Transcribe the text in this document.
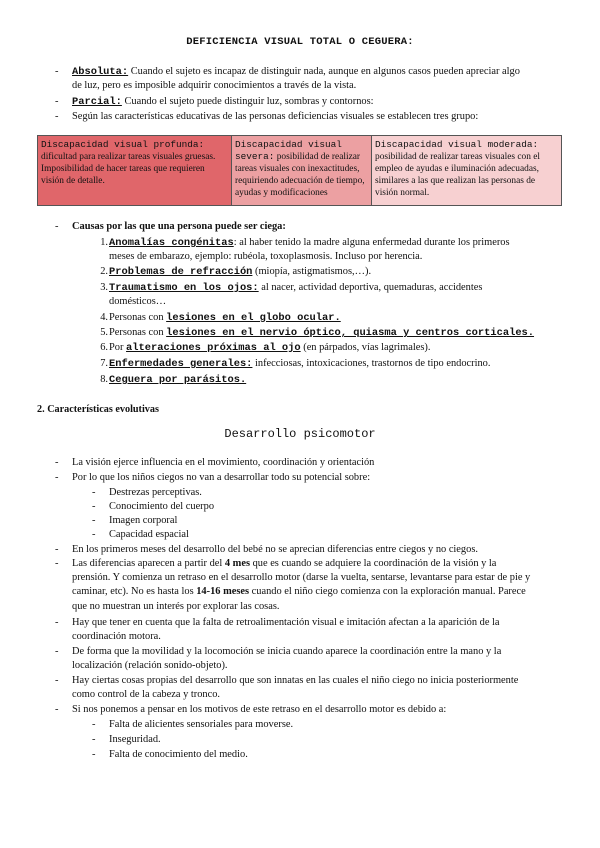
DEFICIENCIA VISUAL TOTAL O CEGUERA:
- Absoluta: Cuando el sujeto es incapaz de distinguir nada, aunque en algunos casos pueden apreciar algo
de luz, pero es imposible adquirir conocimientos a través de la vista.
- Parcial: Cuando el sujeto puede distinguir luz, sombras y contornos:
- Según las características educativas de las personas deficiencias visuales se establecen tres grupo:
Discapacidad visual profunda: dificultad para realizar tareas visuales gruesas. Imposibilidad de hacer tareas que requieren visión de detalle.	Discapacidad visual severa: posibilidad de realizar tareas visuales con inexactitudes, requiriendo adecuación de tiempo, ayudas y modificaciones	Discapacidad visual moderada: posibilidad de realizar tareas visuales con el empleo de ayudas e iluminación adecuadas, similares a las que realizan las personas de visión normal.
- Causas por las que una persona puede ser ciega:
1. Anomalías congénitas: al haber tenido la madre alguna enfermedad durante los primeros
meses de embarazo, ejemplo: rubéola, toxoplasmosis. Incluso por herencia.
2. Problemas de refracción (miopía, astigmatismos,…).
3. Traumatismo en los ojos: al nacer, actividad deportiva, quemaduras, accidentes
domésticos…
4. Personas con lesiones en el globo ocular.
5. Personas con lesiones en el nervio óptico, quiasma y centros corticales.
6. Por alteraciones próximas al ojo (en párpados, vías lagrimales).
7. Enfermedades generales: infecciosas, intoxicaciones, trastornos de tipo endocrino.
8. Ceguera por parásitos.
2. Características evolutivas
Desarrollo psicomotor
- La visión ejerce influencia en el movimiento, coordinación y orientación
- Por lo que los niños ciegos no van a desarrollar todo su potencial sobre:
- Destrezas perceptivas.
- Conocimiento del cuerpo
- Imagen corporal
- Capacidad espacial
- En los primeros meses del desarrollo del bebé no se aprecian diferencias entre ciegos y no ciegos.
- Las diferencias aparecen a partir del 4 mes que es cuando se adquiere la coordinación de la visión y la
prensión. Y comienza un retraso en el desarrollo motor (darse la vuelta, sentarse, levantarse para estar de pie y
caminar, etc). No es hasta los 14-16 meses cuando el niño ciego comienza con la exploración manual. Parece
que no muestran un interés por explorar las cosas.
- Hay que tener en cuenta que la falta de retroalimentación visual e imitación afectan a la aparición de la
coordinación motora.
- De forma que la movilidad y la locomoción se inicia cuando aparece la coordinación entre la mano y la
localización (relación sonido-objeto).
- Hay ciertas cosas propias del desarrollo que son innatas en las cuales el niño ciego no inicia posteriormente
como control de la cabeza y tronco.
- Si nos ponemos a pensar en los motivos de este retraso en el desarrollo motor es debido a:
- Falta de alicientes sensoriales para moverse.
- Inseguridad.
- Falta de conocimiento del medio.
